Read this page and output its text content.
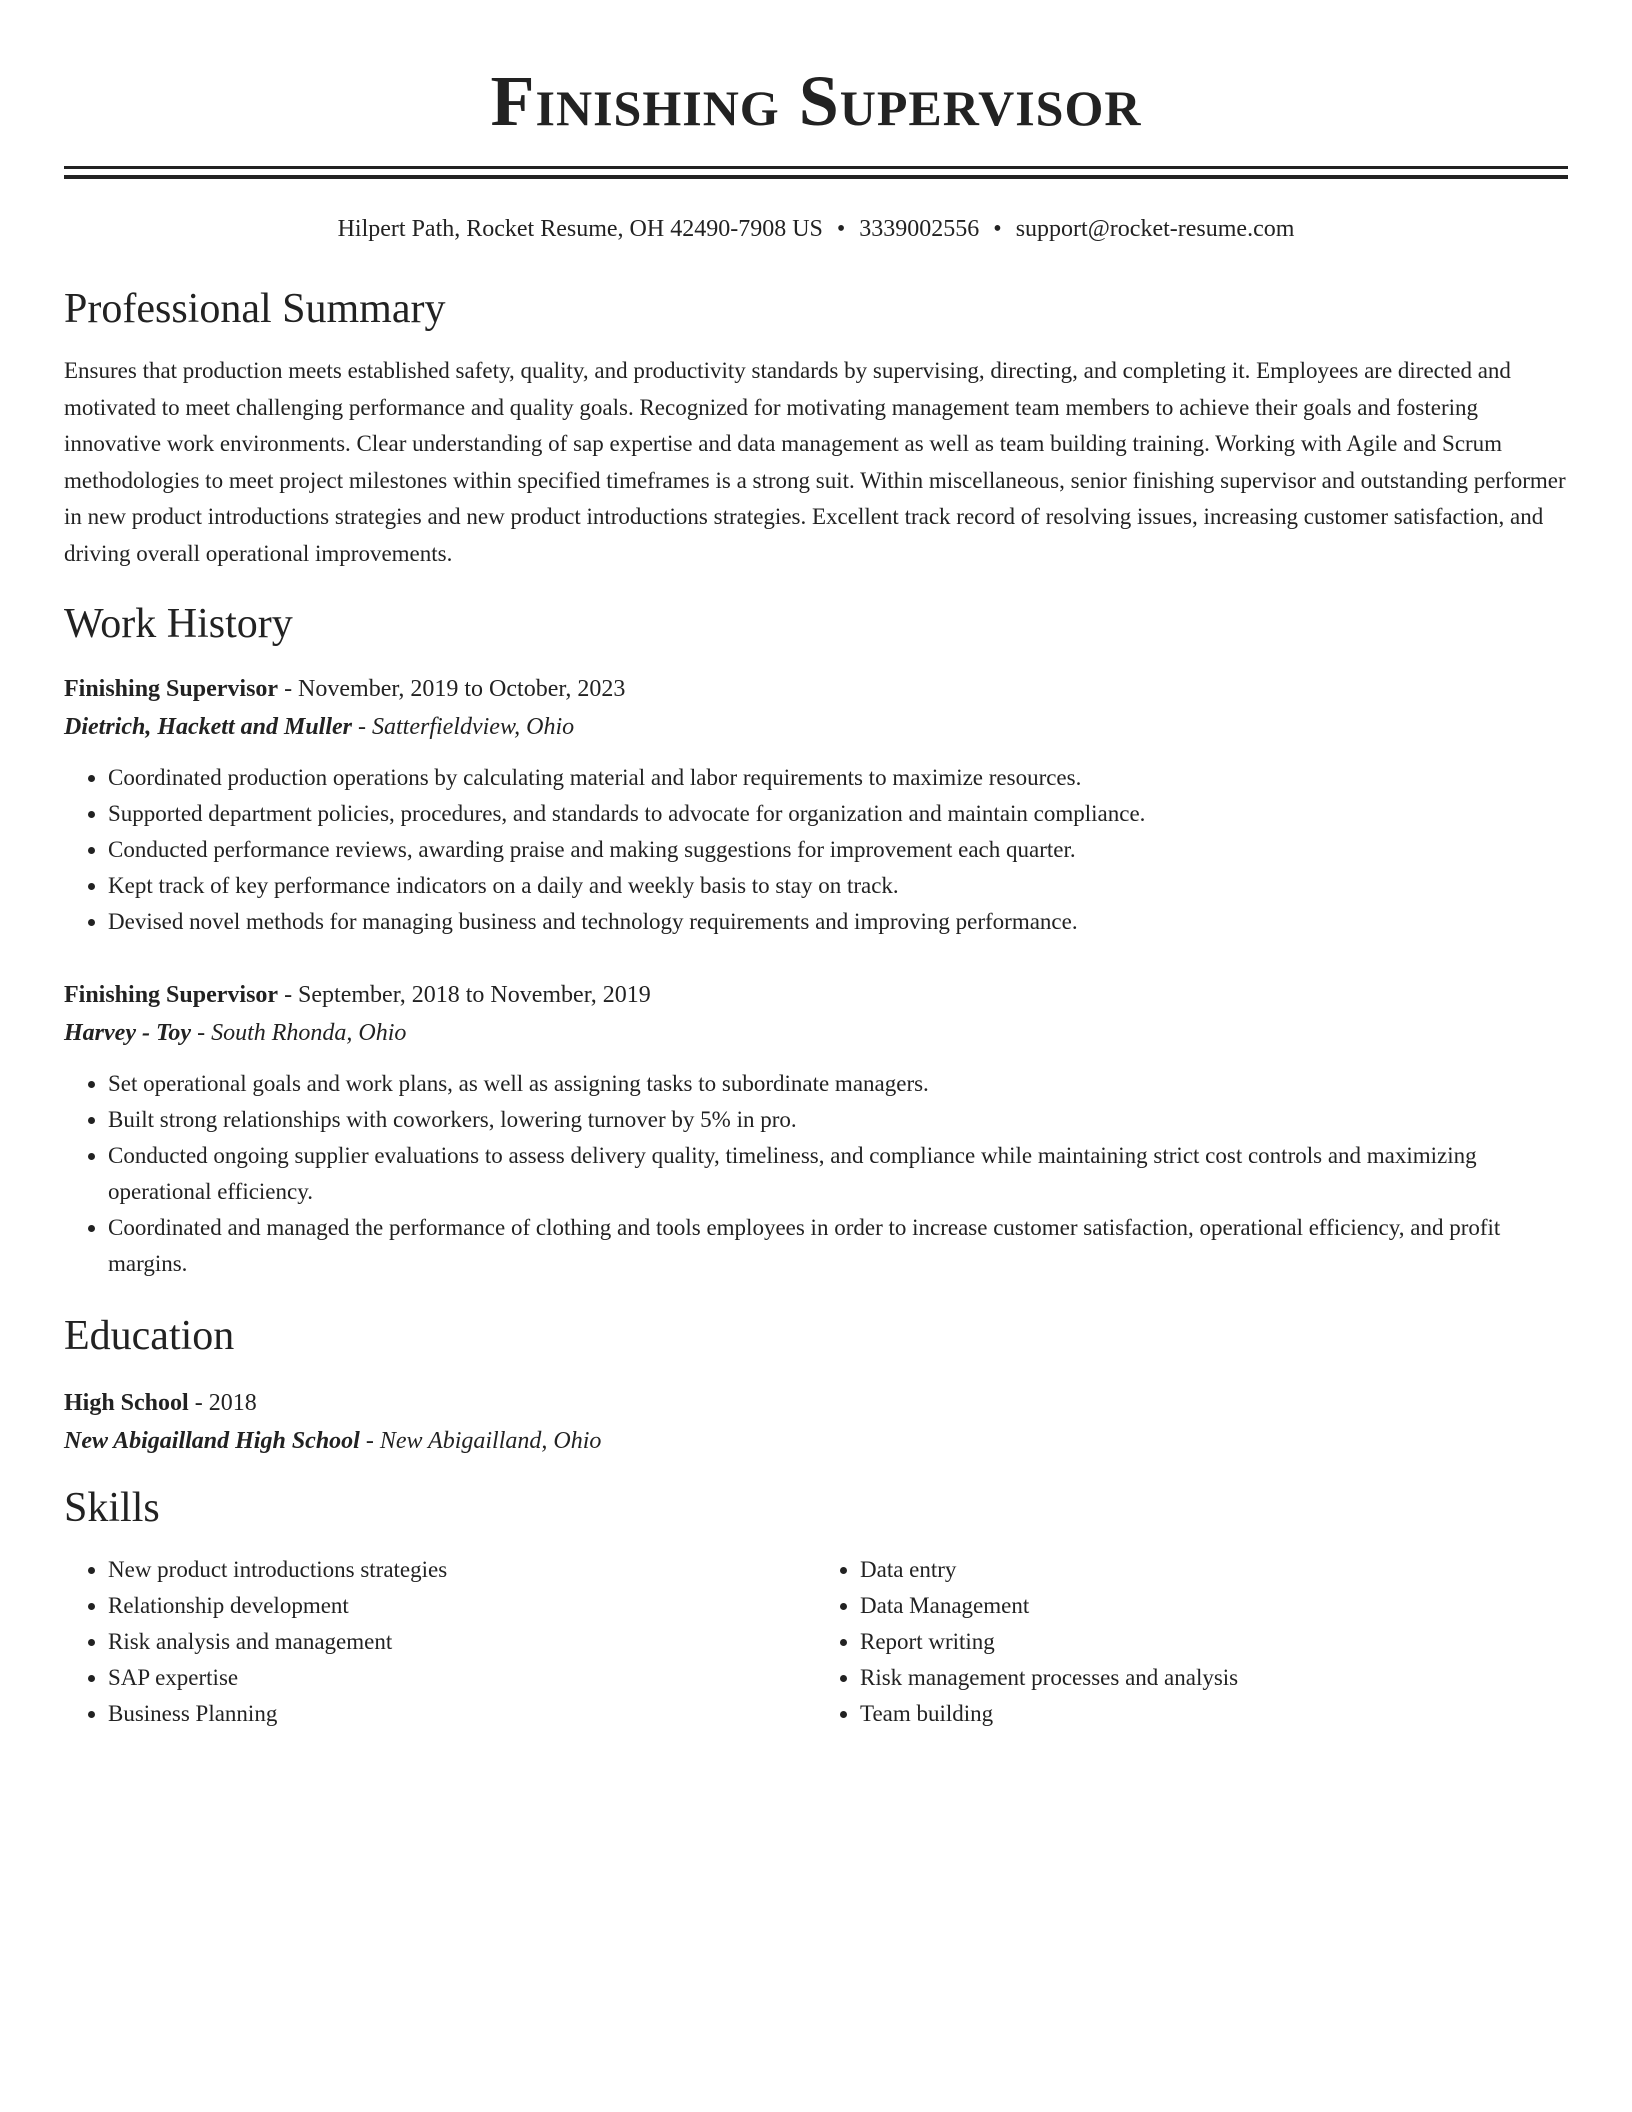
Finishing Supervisor
Hilpert Path, Rocket Resume, OH 42490-7908 US • 3339002556 • support@rocket-resume.com
Professional Summary
Ensures that production meets established safety, quality, and productivity standards by supervising, directing, and completing it. Employees are directed and motivated to meet challenging performance and quality goals. Recognized for motivating management team members to achieve their goals and fostering innovative work environments. Clear understanding of sap expertise and data management as well as team building training. Working with Agile and Scrum methodologies to meet project milestones within specified timeframes is a strong suit. Within miscellaneous, senior finishing supervisor and outstanding performer in new product introductions strategies and new product introductions strategies. Excellent track record of resolving issues, increasing customer satisfaction, and driving overall operational improvements.
Work History
Finishing Supervisor - November, 2019 to October, 2023
Dietrich, Hackett and Muller - Satterfieldview, Ohio
• Coordinated production operations by calculating material and labor requirements to maximize resources.
• Supported department policies, procedures, and standards to advocate for organization and maintain compliance.
• Conducted performance reviews, awarding praise and making suggestions for improvement each quarter.
• Kept track of key performance indicators on a daily and weekly basis to stay on track.
• Devised novel methods for managing business and technology requirements and improving performance.
Finishing Supervisor - September, 2018 to November, 2019
Harvey - Toy - South Rhonda, Ohio
• Set operational goals and work plans, as well as assigning tasks to subordinate managers.
• Built strong relationships with coworkers, lowering turnover by 5% in pro.
• Conducted ongoing supplier evaluations to assess delivery quality, timeliness, and compliance while maintaining strict cost controls and maximizing operational efficiency.
• Coordinated and managed the performance of clothing and tools employees in order to increase customer satisfaction, operational efficiency, and profit margins.
Education
High School - 2018
New Abigailland High School - New Abigailland, Ohio
Skills
• New product introductions strategies
• Relationship development
• Risk analysis and management
• SAP expertise
• Business Planning
• Data entry
• Data Management
• Report writing
• Risk management processes and analysis
• Team building
